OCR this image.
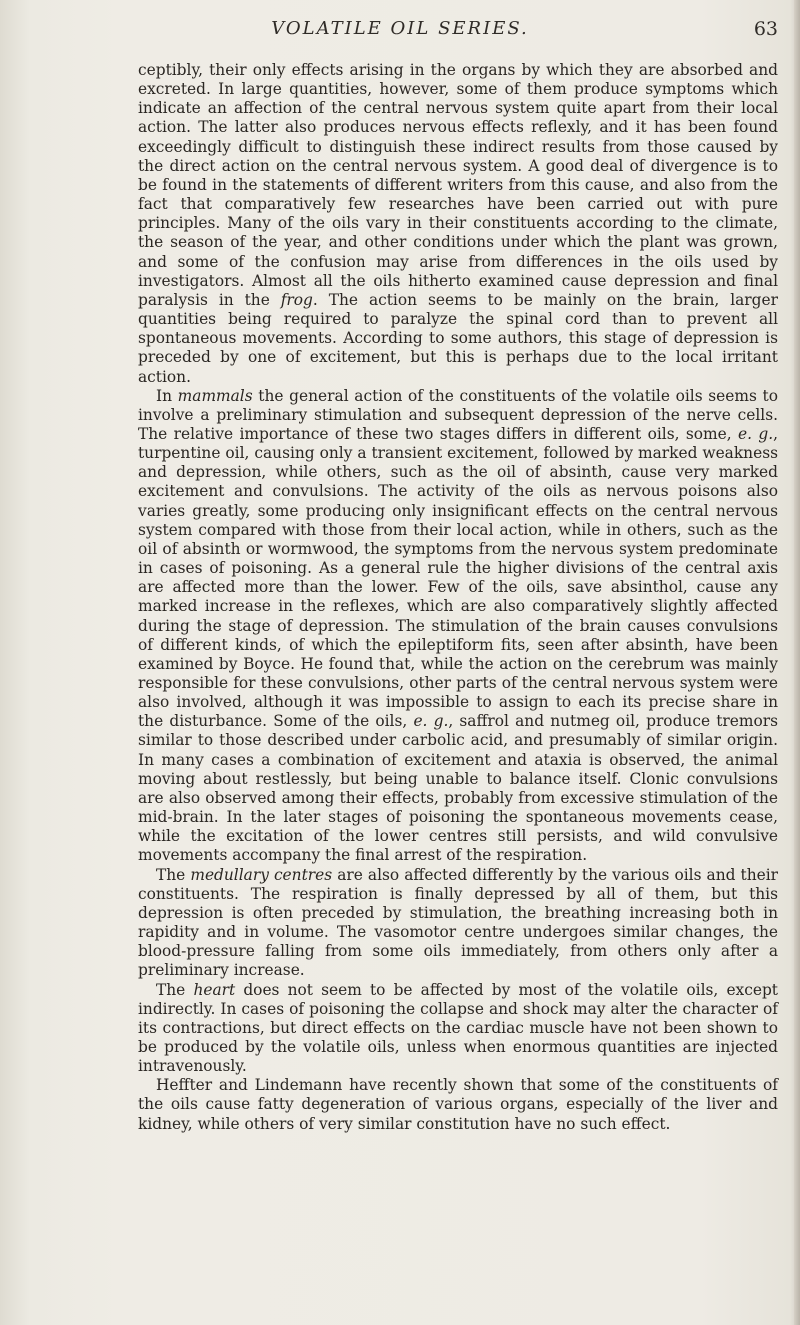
VOLATILE OIL SERIES.	63

ceptibly, their only effects arising in the organs by which they are absorbed and excreted. In large quantities, however, some of them produce symptoms which indicate an affection of the central nervous system quite apart from their local action. The latter also produces nervous effects reflexly, and it has been found exceedingly difficult to distinguish these indirect results from those caused by the direct action on the central nervous system. A good deal of divergence is to be found in the statements of different writers from this cause, and also from the fact that comparatively few researches have been carried out with pure principles. Many of the oils vary in their constituents according to the climate, the season of the year, and other conditions under which the plant was grown, and some of the confusion may arise from differences in the oils used by investigators. Almost all the oils hitherto examined cause depression and final paralysis in the frog. The action seems to be mainly on the brain, larger quantities being required to paralyze the spinal cord than to prevent all spontaneous movements. According to some authors, this stage of depression is preceded by one of excitement, but this is perhaps due to the local irritant action.

In mammals the general action of the constituents of the volatile oils seems to involve a preliminary stimulation and subsequent depression of the nerve cells. The relative importance of these two stages differs in different oils, some, e. g., turpentine oil, causing only a transient excitement, followed by marked weakness and depression, while others, such as the oil of absinth, cause very marked excitement and convulsions. The activity of the oils as nervous poisons also varies greatly, some producing only insignificant effects on the central nervous system compared with those from their local action, while in others, such as the oil of absinth or wormwood, the symptoms from the nervous system predominate in cases of poisoning. As a general rule the higher divisions of the central axis are affected more than the lower. Few of the oils, save absinthol, cause any marked increase in the reflexes, which are also comparatively slightly affected during the stage of depression. The stimulation of the brain causes convulsions of different kinds, of which the epileptiform fits, seen after absinth, have been examined by Boyce. He found that, while the action on the cerebrum was mainly responsible for these convulsions, other parts of the central nervous system were also involved, although it was impossible to assign to each its precise share in the disturbance. Some of the oils, e. g., saffrol and nutmeg oil, produce tremors similar to those described under carbolic acid, and presumably of similar origin. In many cases a combination of excitement and ataxia is observed, the animal moving about restlessly, but being unable to balance itself. Clonic convulsions are also observed among their effects, probably from excessive stimulation of the mid-brain. In the later stages of poisoning the spontaneous movements cease, while the excitation of the lower centres still persists, and wild convulsive movements accompany the final arrest of the respiration.

The medullary centres are also affected differently by the various oils and their constituents. The respiration is finally depressed by all of them, but this depression is often preceded by stimulation, the breathing increasing both in rapidity and in volume. The vasomotor centre undergoes similar changes, the blood-pressure falling from some oils immediately, from others only after a preliminary increase.

The heart does not seem to be affected by most of the volatile oils, except indirectly. In cases of poisoning the collapse and shock may alter the character of its contractions, but direct effects on the cardiac muscle have not been shown to be produced by the volatile oils, unless when enormous quantities are injected intravenously.

Heffter and Lindemann have recently shown that some of the constituents of the oils cause fatty degeneration of various organs, especially of the liver and kidney, while others of very similar constitution have no such effect.
